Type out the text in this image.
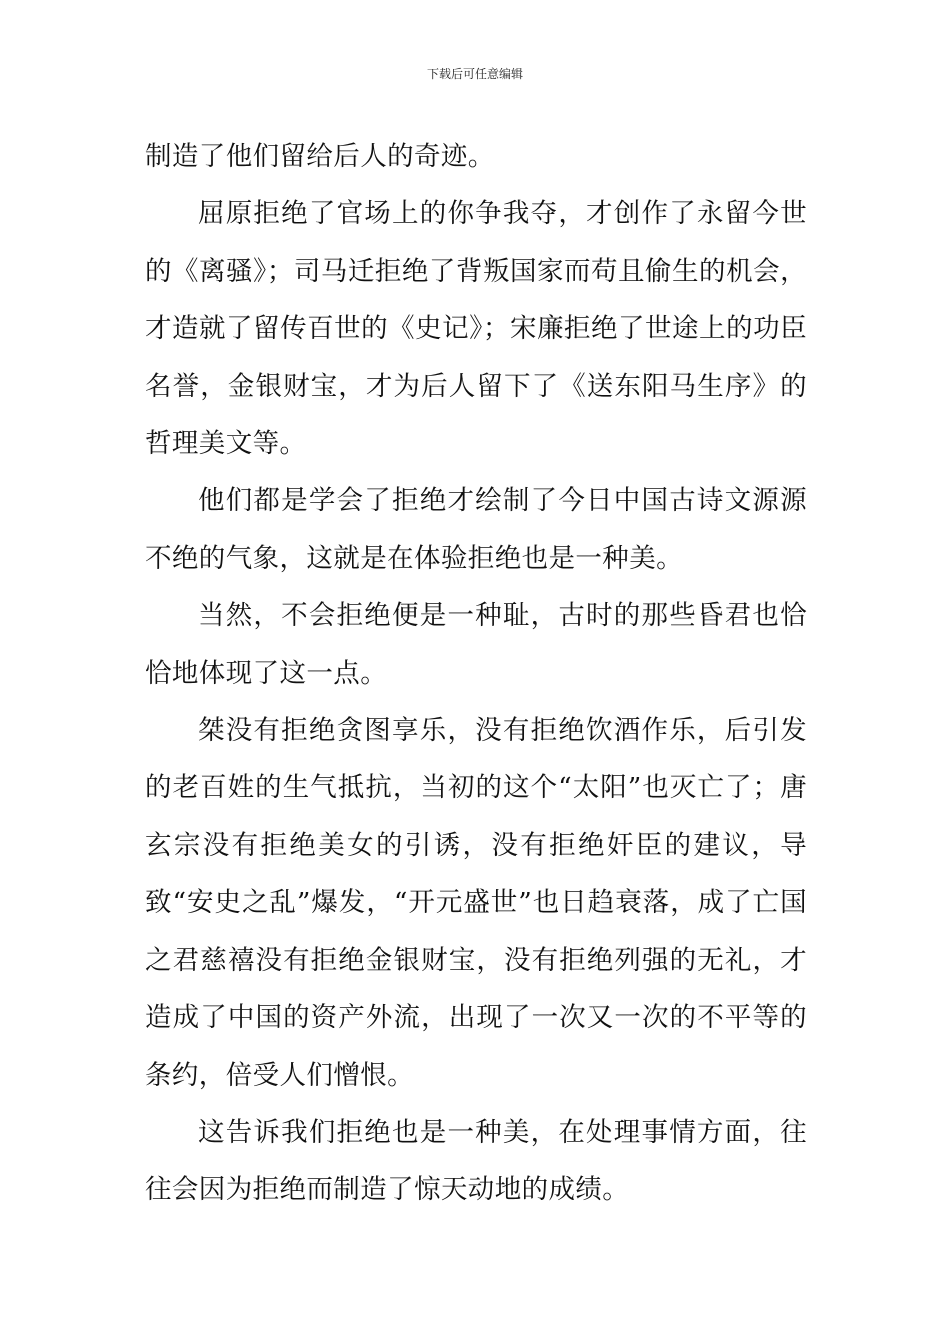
下载后可任意编辑

制造了他们留给后人的奇迹。

屈原拒绝了官场上的你争我夺，才创作了永留今世的《离骚》；司马迁拒绝了背叛国家而苟且偷生的机会，才造就了留传百世的《史记》；宋廉拒绝了世途上的功臣名誉，金银财宝，才为后人留下了《送东阳马生序》的哲理美文等。

他们都是学会了拒绝才绘制了今日中国古诗文源源不绝的气象，这就是在体验拒绝也是一种美。

当然，不会拒绝便是一种耻，古时的那些昏君也恰恰地体现了这一点。

桀没有拒绝贪图享乐，没有拒绝饮酒作乐，后引发的老百姓的生气抵抗，当初的这个“太阳”也灭亡了；唐玄宗没有拒绝美女的引诱，没有拒绝奸臣的建议，导致“安史之乱”爆发，“开元盛世”也日趋衰落，成了亡国之君慈禧没有拒绝金银财宝，没有拒绝列强的无礼，才造成了中国的资产外流，出现了一次又一次的不平等的条约，倍受人们憎恨。

这告诉我们拒绝也是一种美，在处理事情方面，往往会因为拒绝而制造了惊天动地的成绩。
